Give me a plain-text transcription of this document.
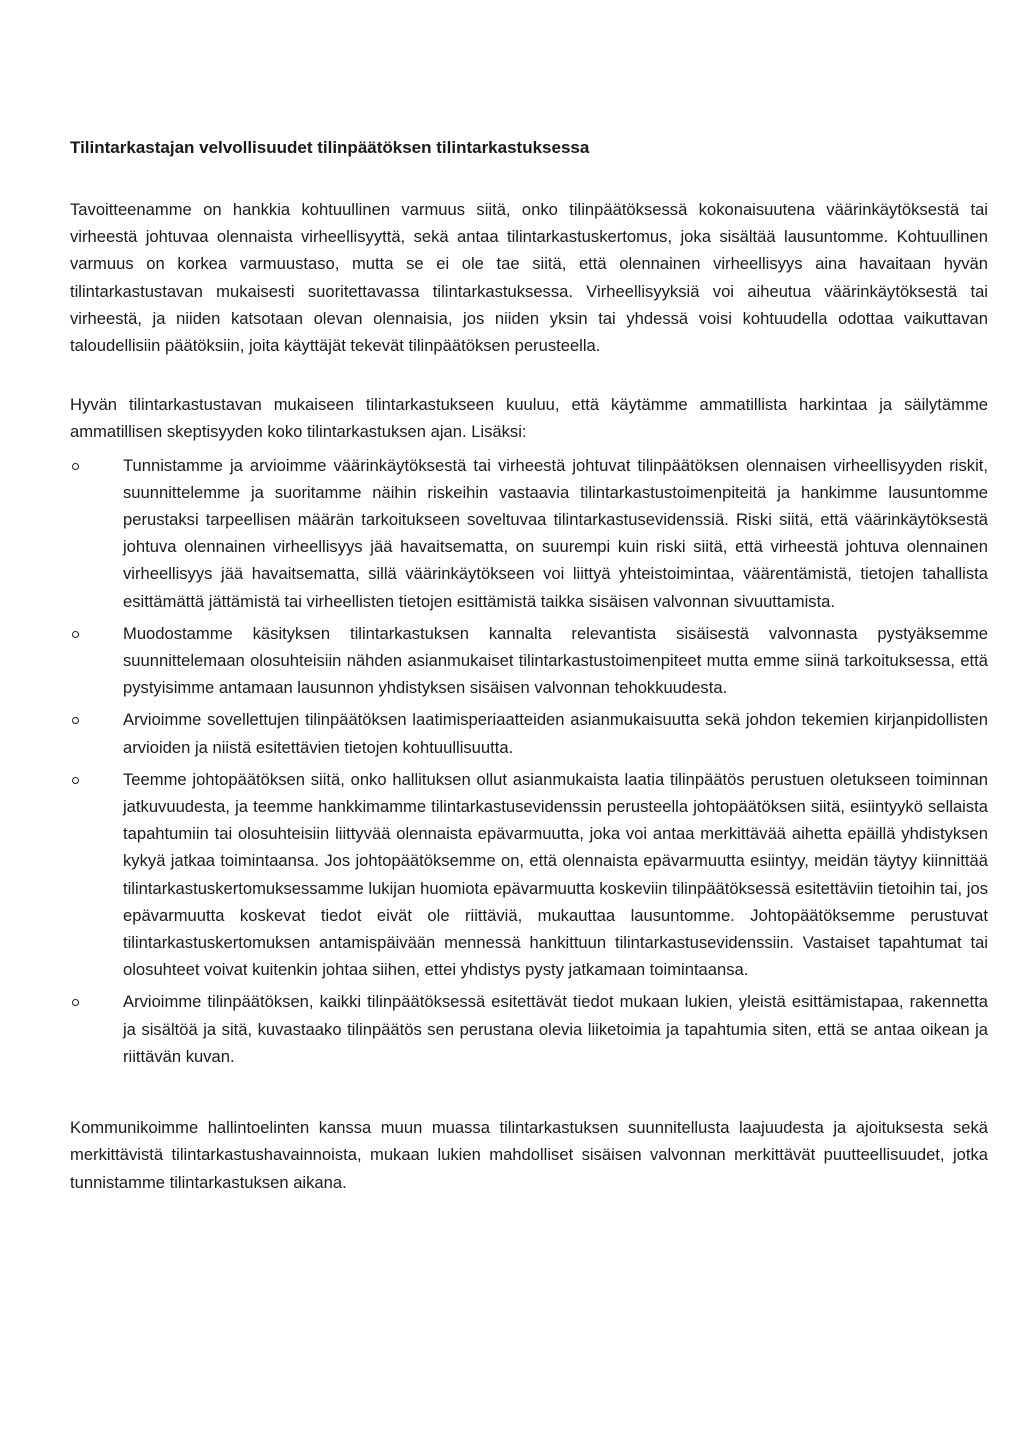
Tilintarkastajan velvollisuudet tilinpäätöksen tilintarkastuksessa

Tavoitteenamme on hankkia kohtuullinen varmuus siitä, onko tilinpäätöksessä kokonaisuutena väärinkäytöksestä tai virheestä johtuvaa olennaista virheellisyyttä, sekä antaa tilintarkastuskertomus, joka sisältää lausuntomme. Kohtuullinen varmuus on korkea varmuustaso, mutta se ei ole tae siitä, että olennainen virheellisyys aina havaitaan hyvän tilintarkastustavan mukaisesti suoritettavassa tilintarkastuksessa. Virheellisyyksiä voi aiheutua väärinkäytöksestä tai virheestä, ja niiden katsotaan olevan olennaisia, jos niiden yksin tai yhdessä voisi kohtuudella odottaa vaikuttavan taloudellisiin päätöksiin, joita käyttäjät tekevät tilinpäätöksen perusteella.

Hyvän tilintarkastustavan mukaiseen tilintarkastukseen kuuluu, että käytämme ammatillista harkintaa ja säilytämme ammatillisen skeptisyyden koko tilintarkastuksen ajan. Lisäksi:

Tunnistamme ja arvioimme väärinkäytöksestä tai virheestä johtuvat tilinpäätöksen olennaisen virheellisyyden riskit, suunnittelemme ja suoritamme näihin riskeihin vastaavia tilintarkastustoimenpiteitä ja hankimme lausuntomme perustaksi tarpeellisen määrän tarkoitukseen soveltuvaa tilintarkastusevidenssiä. Riski siitä, että väärinkäytöksestä johtuva olennainen virheellisyys jää havaitsematta, on suurempi kuin riski siitä, että virheestä johtuva olennainen virheellisyys jää havaitsematta, sillä väärinkäytökseen voi liittyä yhteistoimintaa, väärentämistä, tietojen tahallista esittämättä jättämistä tai virheellisten tietojen esittämistä taikka sisäisen valvonnan sivuuttamista.

Muodostamme käsityksen tilintarkastuksen kannalta relevantista sisäisestä valvonnasta pystyäksemme suunnittelemaan olosuhteisiin nähden asianmukaiset tilintarkastustoimenpiteet mutta emme siinä tarkoituksessa, että pystyisimme antamaan lausunnon yhdistyksen sisäisen valvonnan tehokkuudesta.

Arvioimme sovellettujen tilinpäätöksen laatimisperiaatteiden asianmukaisuutta sekä johdon tekemien kirjanpidollisten arvioiden ja niistä esitettävien tietojen kohtuullisuutta.

Teemme johtopäätöksen siitä, onko hallituksen ollut asianmukaista laatia tilinpäätös perustuen oletukseen toiminnan jatkuvuudesta, ja teemme hankkimamme tilintarkastusevidenssin perusteella johtopäätöksen siitä, esiintyykö sellaista tapahtumiin tai olosuhteisiin liittyvää olennaista epävarmuutta, joka voi antaa merkittävää aihetta epäillä yhdistyksen kykyä jatkaa toimintaansa. Jos johtopäätöksemme on, että olennaista epävarmuutta esiintyy, meidän täytyy kiinnittää tilintarkastuskertomuksessamme lukijan huomiota epävarmuutta koskeviin tilinpäätöksessä esitettäviin tietoihin tai, jos epävarmuutta koskevat tiedot eivät ole riittäviä, mukauttaa lausuntomme. Johtopäätöksemme perustuvat tilintarkastuskertomuksen antamispäivään mennessä hankittuun tilintarkastusevidenssiin. Vastaiset tapahtumat tai olosuhteet voivat kuitenkin johtaa siihen, ettei yhdistys pysty jatkamaan toimintaansa.

Arvioimme tilinpäätöksen, kaikki tilinpäätöksessä esitettävät tiedot mukaan lukien, yleistä esittämistapaa, rakennetta ja sisältöä ja sitä, kuvastaako tilinpäätös sen perustana olevia liiketoimia ja tapahtumia siten, että se antaa oikean ja riittävän kuvan.

Kommunikoimme hallintoelinten kanssa muun muassa tilintarkastuksen suunnitellusta laajuudesta ja ajoituksesta sekä merkittävistä tilintarkastushavainnoista, mukaan lukien mahdolliset sisäisen valvonnan merkittävät puutteellisuudet, jotka tunnistamme tilintarkastuksen aikana.
